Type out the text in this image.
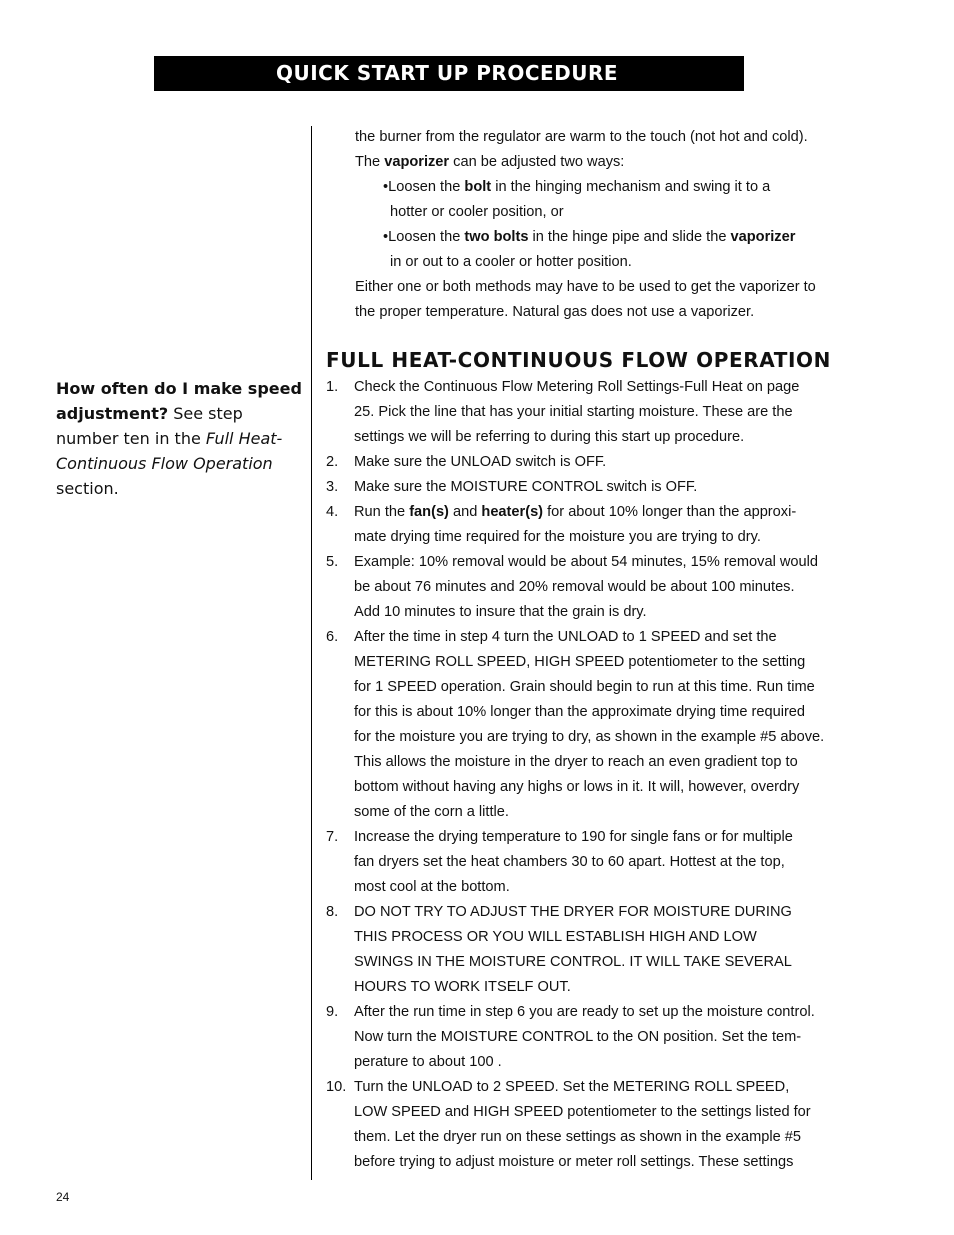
QUICK START UP PROCEDURE
How often do I make speed adjustment? See step number ten in the Full Heat-Continuous Flow Operation section.
the burner from the regulator are warm to the touch (not hot and cold).
The vaporizer can be adjusted two ways:
•Loosen the bolt in the hinging mechanism and swing it to a
hotter or cooler position, or
•Loosen the two bolts in the hinge pipe and slide the vaporizer
in or out to a cooler or hotter position.
Either one or both methods may have to be used to get the vaporizer to
the proper temperature. Natural gas does not use a vaporizer.
FULL HEAT-CONTINUOUS FLOW OPERATION
1.	Check the Continuous Flow Metering Roll Settings-Full Heat on page
25. Pick the line that has your initial starting moisture. These are the
settings we will be referring to during this start up procedure.
2.	Make sure the UNLOAD switch is OFF.
3.	Make sure the MOISTURE CONTROL switch is OFF.
4.	Run the fan(s) and heater(s) for about 10% longer than the approxi-
mate drying time required for the moisture you are trying to dry.
5.	Example: 10% removal would be about 54 minutes, 15% removal would
be about 76 minutes and 20% removal would be about 100 minutes.
Add 10 minutes to insure that the grain is dry.
6.	After the time in step 4 turn the UNLOAD to 1 SPEED and set the
METERING ROLL SPEED, HIGH SPEED potentiometer to the setting
for 1 SPEED operation. Grain should begin to run at this time. Run time
for this is about 10% longer than the approximate drying time required
for the moisture you are trying to dry, as shown in the example #5 above.
This allows the moisture in the dryer to reach an even gradient top to
bottom without having any highs or lows in it. It will, however, overdry
some of the corn a little.
7.	Increase the drying temperature to 190 for single fans or for multiple
fan dryers set the heat chambers 30 to 60 apart. Hottest at the top,
most cool at the bottom.
8.	DO NOT TRY TO ADJUST THE DRYER FOR MOISTURE DURING
THIS PROCESS OR YOU WILL ESTABLISH HIGH AND LOW
SWINGS IN THE MOISTURE CONTROL. IT WILL TAKE SEVERAL
HOURS TO WORK ITSELF OUT.
9.	After the run time in step 6 you are ready to set up the moisture control.
Now turn the MOISTURE CONTROL to the ON position. Set the tem-
perature to about 100 .
10. Turn the UNLOAD to 2 SPEED. Set the METERING ROLL SPEED,
LOW SPEED and HIGH SPEED potentiometer to the settings listed for
them. Let the dryer run on these settings as shown in the example #5
before trying to adjust moisture or meter roll settings. These settings
24
